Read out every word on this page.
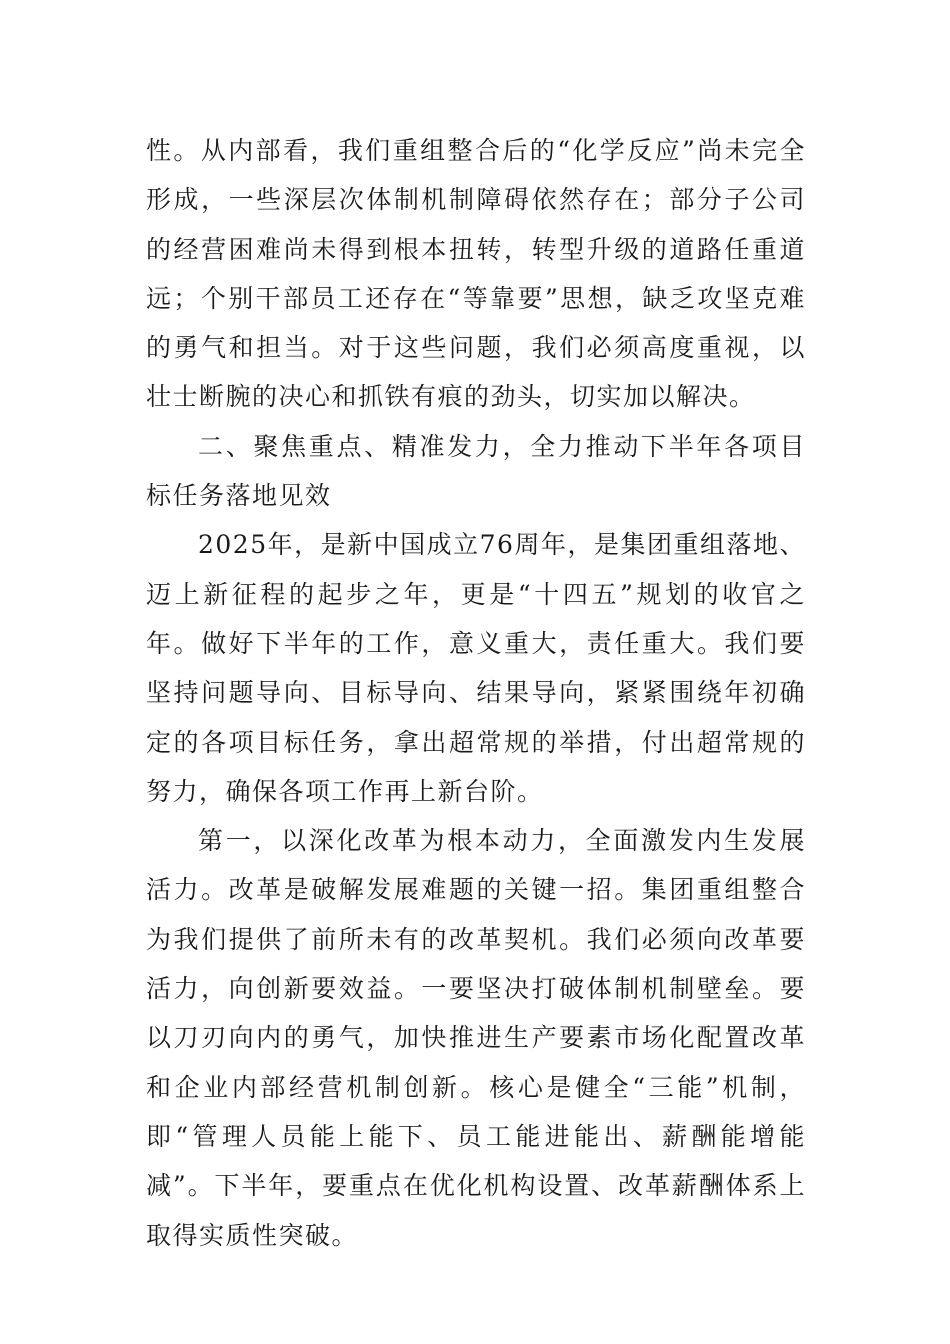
性。从内部看，我们重组整合后的“化学反应”尚未完全形成，一些深层次体制机制障碍依然存在；部分子公司的经营困难尚未得到根本扭转，转型升级的道路任重道远；个别干部员工还存在“等靠要”思想，缺乏攻坚克难的勇气和担当。对于这些问题，我们必须高度重视，以壮士断腕的决心和抓铁有痕的劲头，切实加以解决。

二、聚焦重点、精准发力，全力推动下半年各项目标任务落地见效

2025年，是新中国成立76周年，是集团重组落地、迈上新征程的起步之年，更是“十四五”规划的收官之年。做好下半年的工作，意义重大，责任重大。我们要坚持问题导向、目标导向、结果导向，紧紧围绕年初确定的各项目标任务，拿出超常规的举措，付出超常规的努力，确保各项工作再上新台阶。

第一，以深化改革为根本动力，全面激发内生发展活力。改革是破解发展难题的关键一招。集团重组整合为我们提供了前所未有的改革契机。我们必须向改革要活力，向创新要效益。一要坚决打破体制机制壁垒。要以刀刃向内的勇气，加快推进生产要素市场化配置改革和企业内部经营机制创新。核心是健全“三能”机制，即“管理人员能上能下、员工能进能出、薪酬能增能减”。下半年，要重点在优化机构设置、改革薪酬体系上取得实质性突破。
